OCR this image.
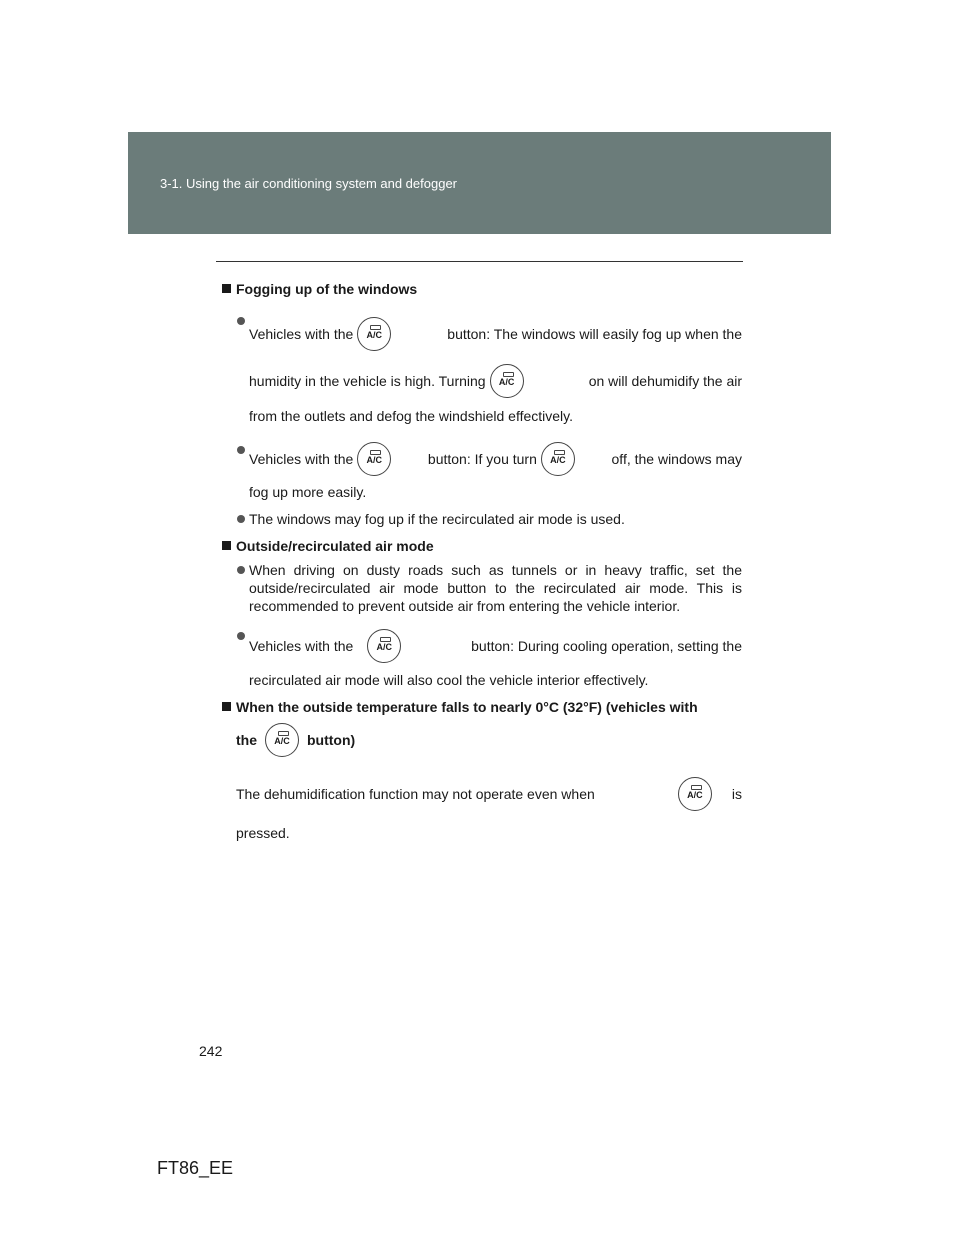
3-1. Using the air conditioning system and defogger
Fogging up of the windows
Vehicles with the	A/C	button: The windows will easily fog up when the
humidity in the vehicle is high. Turning	A/C	on will dehumidify the air
from the outlets and defog the windshield effectively.
Vehicles with the	A/C	button: If you turn	A/C	off, the windows may
fog up more easily.
The windows may fog up if the recirculated air mode is used.
Outside/recirculated air mode
When driving on dusty roads such as tunnels or in heavy traffic, set the outside/recirculated air mode button to the recirculated air mode. This is recommended to prevent outside air from entering the vehicle interior.
Vehicles with the	A/C	button: During cooling operation, setting the
recirculated air mode will also cool the vehicle interior effectively.
When the outside temperature falls to nearly 0°C (32°F) (vehicles with
the	A/C	button)
The dehumidification function may not operate even when	A/C	is
pressed.
242
FT86_EE
